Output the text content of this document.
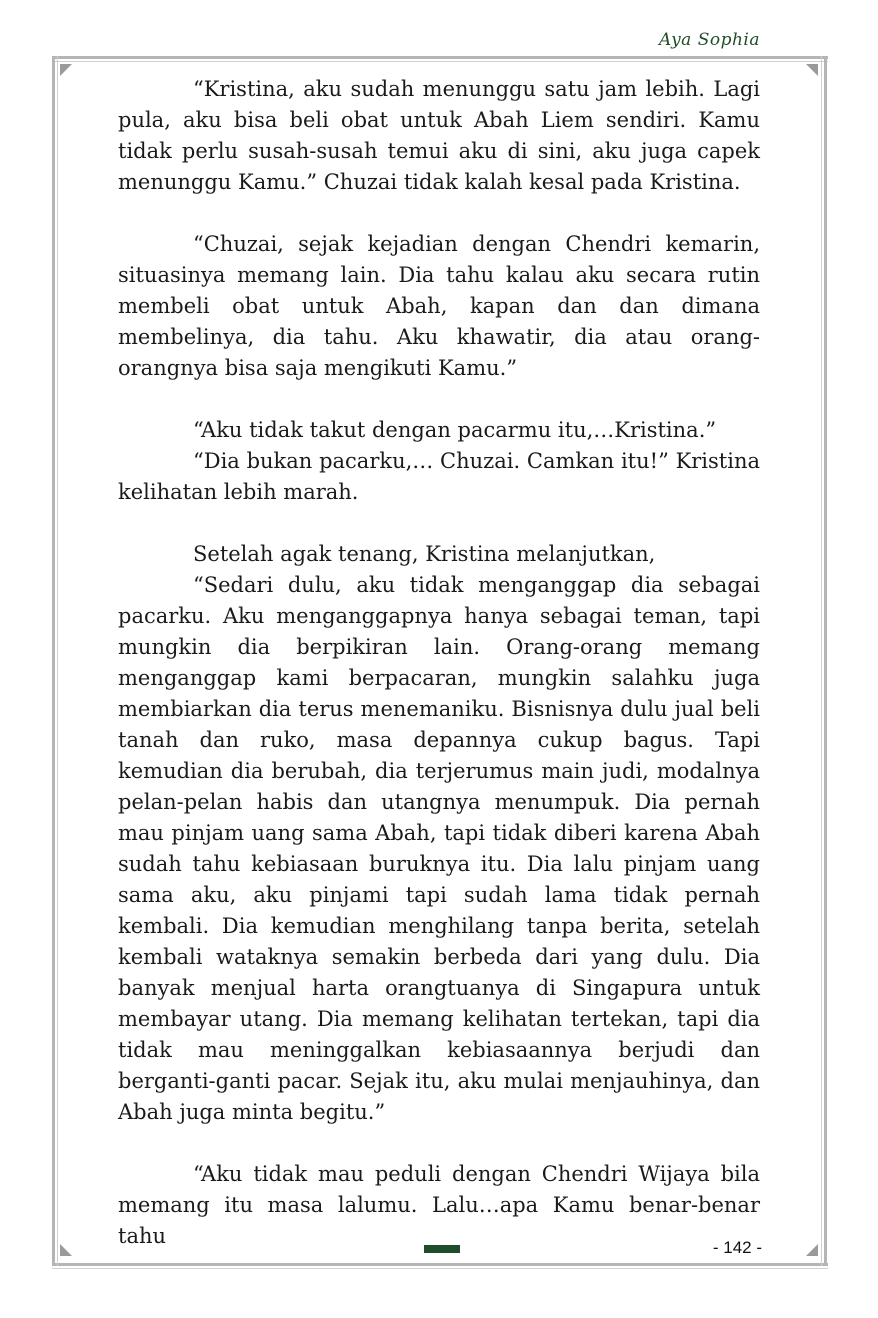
Aya Sophia

“Kristina, aku sudah menunggu satu jam lebih. Lagi pula, aku bisa beli obat untuk Abah Liem sendiri. Kamu tidak perlu susah-susah temui aku di sini, aku juga capek menunggu Kamu.” Chuzai tidak kalah kesal pada Kristina.

“Chuzai, sejak kejadian dengan Chendri kemarin, situasinya memang lain. Dia tahu kalau aku secara rutin membeli obat untuk Abah, kapan dan dan dimana membelinya, dia tahu. Aku khawatir, dia atau orang-orangnya bisa saja mengikuti Kamu.”

“Aku tidak takut dengan pacarmu itu,…Kristina.”

“Dia bukan pacarku,… Chuzai. Camkan itu!” Kristina kelihatan lebih marah.

Setelah agak tenang, Kristina melanjutkan,

“Sedari dulu, aku tidak menganggap dia sebagai pacarku. Aku menganggapnya hanya sebagai teman, tapi mungkin dia berpikiran lain. Orang-orang memang menganggap kami berpacaran, mungkin salahku juga membiarkan dia terus menemaniku. Bisnisnya dulu jual beli tanah dan ruko, masa depannya cukup bagus. Tapi kemudian dia berubah, dia terjerumus main judi, modalnya pelan-pelan habis dan utangnya menumpuk. Dia pernah mau pinjam uang sama Abah, tapi tidak diberi karena Abah sudah tahu kebiasaan buruknya itu. Dia lalu pinjam uang sama aku, aku pinjami tapi sudah lama tidak pernah kembali. Dia kemudian menghilang tanpa berita, setelah kembali wataknya semakin berbeda dari yang dulu. Dia banyak menjual harta orangtuanya di Singapura untuk membayar utang. Dia memang kelihatan tertekan, tapi dia tidak mau meninggalkan kebiasaannya berjudi dan berganti-ganti pacar. Sejak itu, aku mulai menjauhinya, dan Abah juga minta begitu.”

“Aku tidak mau peduli dengan Chendri Wijaya bila memang itu masa lalumu. Lalu…apa Kamu benar-benar tahu	- 142 -
